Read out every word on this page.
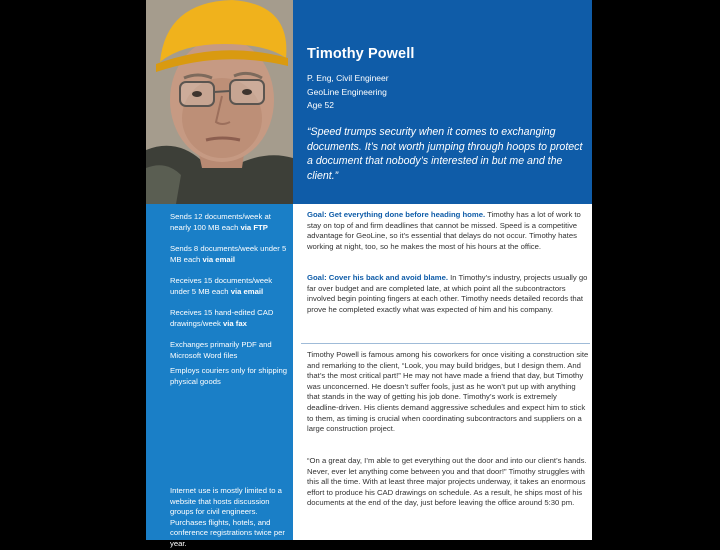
Timothy Powell
P. Eng, Civil Engineer
GeoLine Engineering
Age 52
“Speed trumps security when it comes to exchanging documents. It’s not worth jumping through hoops to protect a document that nobody’s interested in but me and the client.”
Sends 12 documents/week at nearly 100 MB each via FTP
Sends 8 documents/week under 5 MB each via email
Receives 15 documents/week under 5 MB each via email
Receives 15 hand-edited CAD drawings/week via fax
Exchanges primarily PDF and Microsoft Word files
Employs couriers only for shipping physical goods
Internet use is mostly limited to a website that hosts discussion groups for civil engineers. Purchases flights, hotels, and conference registrations twice per year.
Goal: Get everything done before heading home. Timothy has a lot of work to stay on top of and firm deadlines that cannot be missed. Speed is a competitive advantage for GeoLine, so it’s essential that delays do not occur. Timothy hates working at night, too, so he makes the most of his hours at the office.
Goal: Cover his back and avoid blame. In Timothy’s industry, projects usually go far over budget and are completed late, at which point all the subcontractors involved begin pointing fingers at each other. Timothy needs detailed records that prove he completed exactly what was expected of him and his company.
Timothy Powell is famous among his coworkers for once visiting a construction site and remarking to the client, “Look, you may build bridges, but I design them. And that’s the most critical part!” He may not have made a friend that day, but Timothy was unconcerned. He doesn’t suffer fools, just as he won’t put up with anything that stands in the way of getting his job done. Timothy’s work is extremely deadline-driven. His clients demand aggressive schedules and expect him to stick to them, as timing is crucial when coordinating subcontractors and suppliers on a large construction project.
“On a great day, I’m able to get everything out the door and into our client’s hands. Never, ever let anything come between you and that door!” Timothy struggles with this all the time. With at least three major projects underway, it takes an enormous effort to produce his CAD drawings on schedule. As a result, he ships most of his documents at the end of the day, just before leaving the office around 5:30 pm.
